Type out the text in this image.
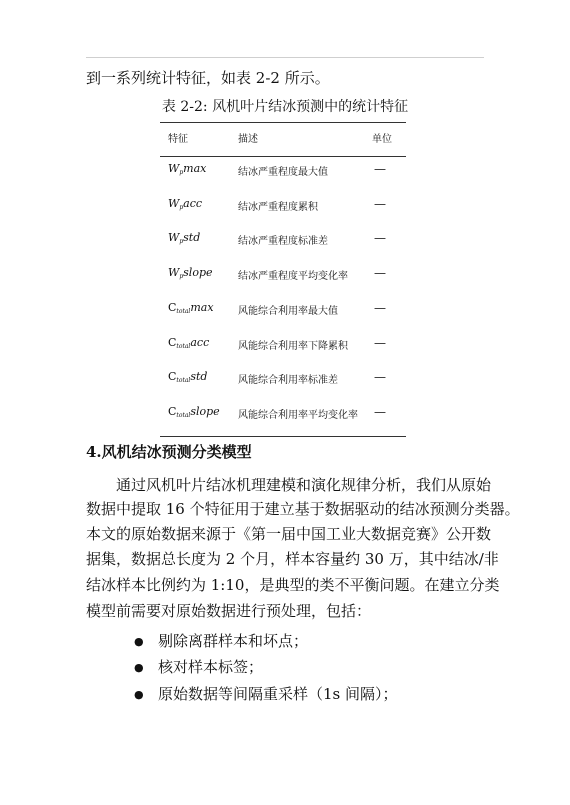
到一系列统计特征，如表 2-2 所示。
表 2-2: 风机叶片结冰预测中的统计特征
特征	描述	单位
$W_p\max$	结冰严重程度最大值	—
$W_pacc$	结冰严重程度累积	—
$W_pstd$	结冰严重程度标准差	—
$W_pslope$	结冰严重程度平均变化率 —
$C_{total}\max$ 风能综合利用率最大值	—
$C_{total}acc$	风能综合利用率下降累积 —
$C_{total}std$	风能综合利用率标准差	—
$C_{total}slope$ 风能综合利用率平均变化率 —
4.风机结冰预测分类模型
通过风机叶片结冰机理建模和演化规律分析，我们从原始
数据中提取 16 个特征用于建立基于数据驱动的结冰预测分类器。
本文的原始数据来源于《第一届中国工业大数据竞赛》公开数
据集，数据总长度为 2 个月，样本容量约 30 万，其中结冰/非
结冰样本比例约为 1:10，是典型的类不平衡问题。在建立分类
模型前需要对原始数据进行预处理，包括：
● 剔除离群样本和坏点；
● 核对样本标签；
● 原始数据等间隔重采样（1s 间隔）；
